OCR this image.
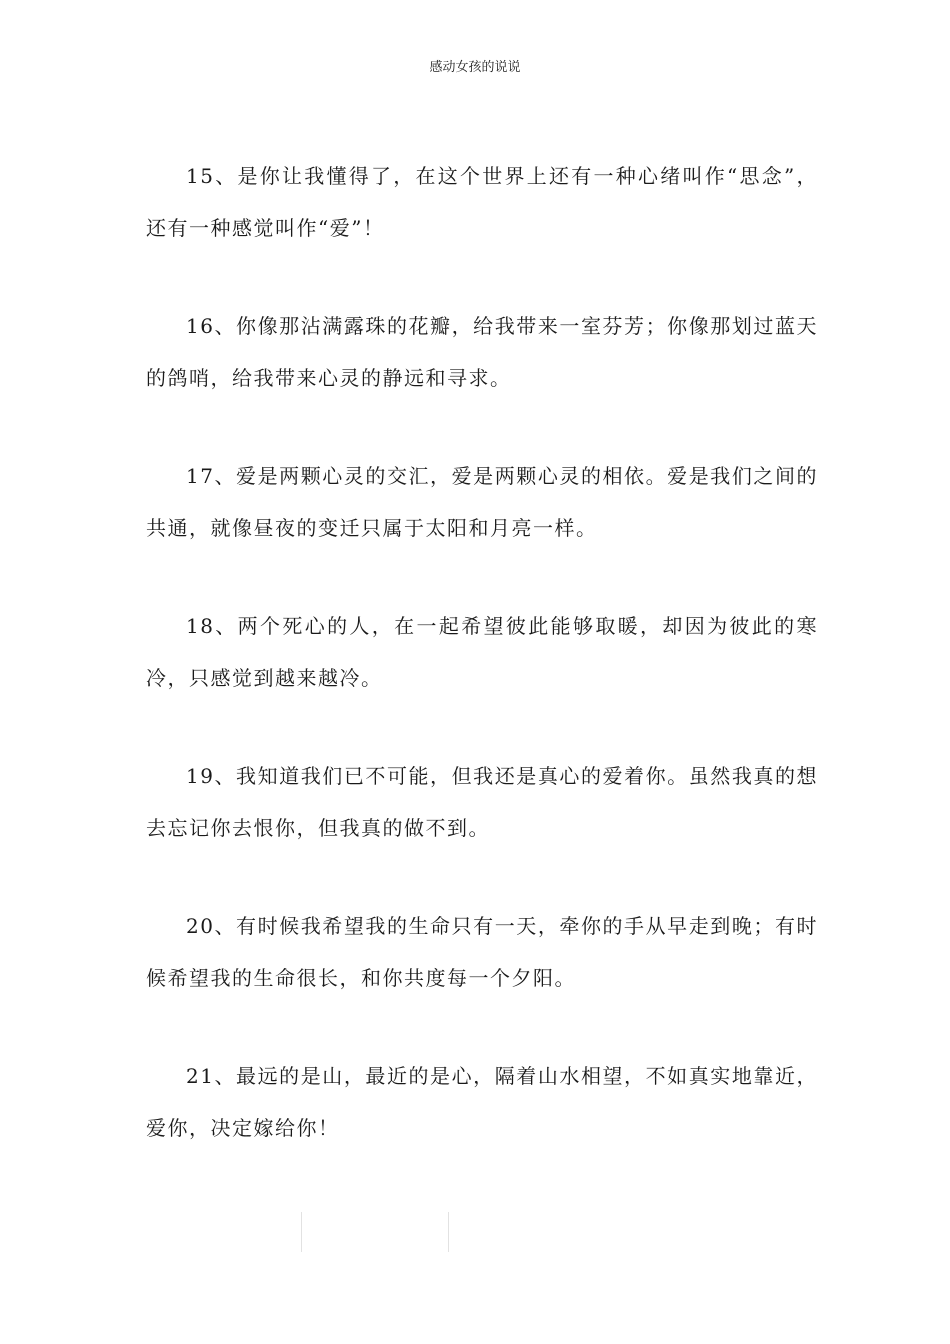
感动女孩的说说

15、是你让我懂得了，在这个世界上还有一种心绪叫作“思念”，还有一种感觉叫作“爱”！

16、你像那沾满露珠的花瓣，给我带来一室芬芳；你像那划过蓝天的鸽哨，给我带来心灵的静远和寻求。

17、爱是两颗心灵的交汇，爱是两颗心灵的相依。爱是我们之间的共通，就像昼夜的变迁只属于太阳和月亮一样。

18、两个死心的人，在一起希望彼此能够取暖，却因为彼此的寒冷，只感觉到越来越冷。

19、我知道我们已不可能，但我还是真心的爱着你。虽然我真的想去忘记你去恨你，但我真的做不到。

20、有时候我希望我的生命只有一天，牵你的手从早走到晚；有时候希望我的生命很长，和你共度每一个夕阳。

21、最远的是山，最近的是心，隔着山水相望，不如真实地靠近，爱你，决定嫁给你！
